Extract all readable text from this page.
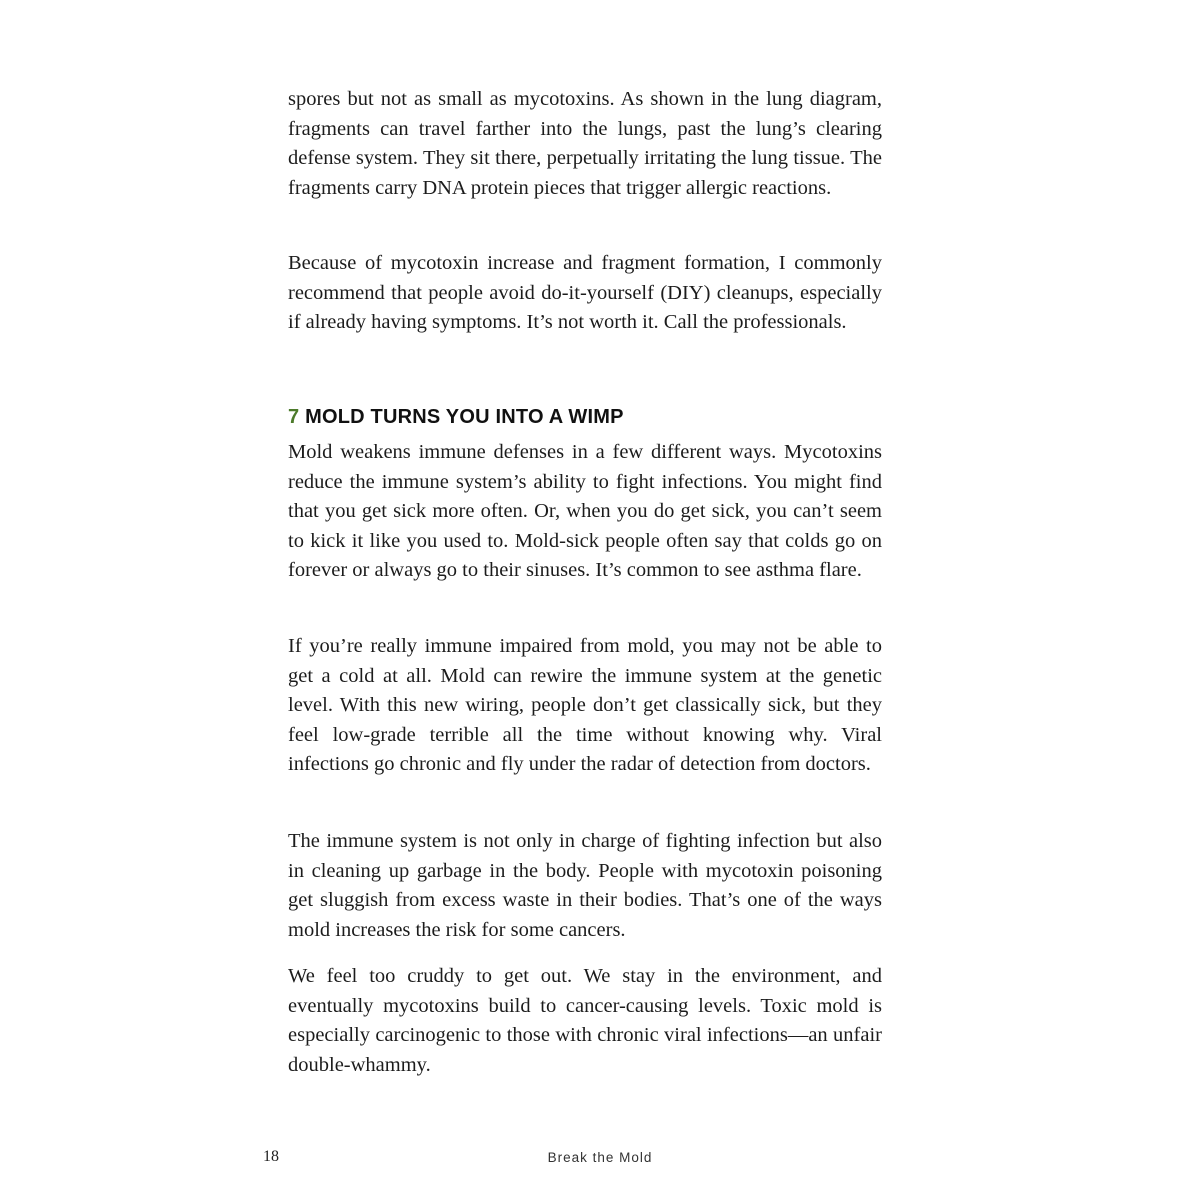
spores but not as small as mycotoxins. As shown in the lung diagram, fragments can travel farther into the lungs, past the lung’s clearing defense system. They sit there, perpetually irritating the lung tissue. The fragments carry DNA protein pieces that trigger allergic reactions.

Because of mycotoxin increase and fragment formation, I commonly recommend that people avoid do-it-yourself (DIY) cleanups, especially if already having symptoms. It’s not worth it. Call the professionals.

7 MOLD TURNS YOU INTO A WIMP

Mold weakens immune defenses in a few different ways. Mycotoxins reduce the immune system’s ability to fight infections. You might find that you get sick more often. Or, when you do get sick, you can’t seem to kick it like you used to. Mold-sick people often say that colds go on forever or always go to their sinuses. It’s common to see asthma flare.

If you’re really immune impaired from mold, you may not be able to get a cold at all. Mold can rewire the immune system at the genetic level. With this new wiring, people don’t get classically sick, but they feel low-grade terrible all the time without knowing why. Viral infections go chronic and fly under the radar of detection from doctors.

The immune system is not only in charge of fighting infection but also in cleaning up garbage in the body. People with mycotoxin poisoning get sluggish from excess waste in their bodies. That’s one of the ways mold increases the risk for some cancers.

We feel too cruddy to get out. We stay in the environment, and eventually mycotoxins build to cancer-causing levels. Toxic mold is especially carcinogenic to those with chronic viral infections—an unfair double-whammy.

18	Break the Mold
